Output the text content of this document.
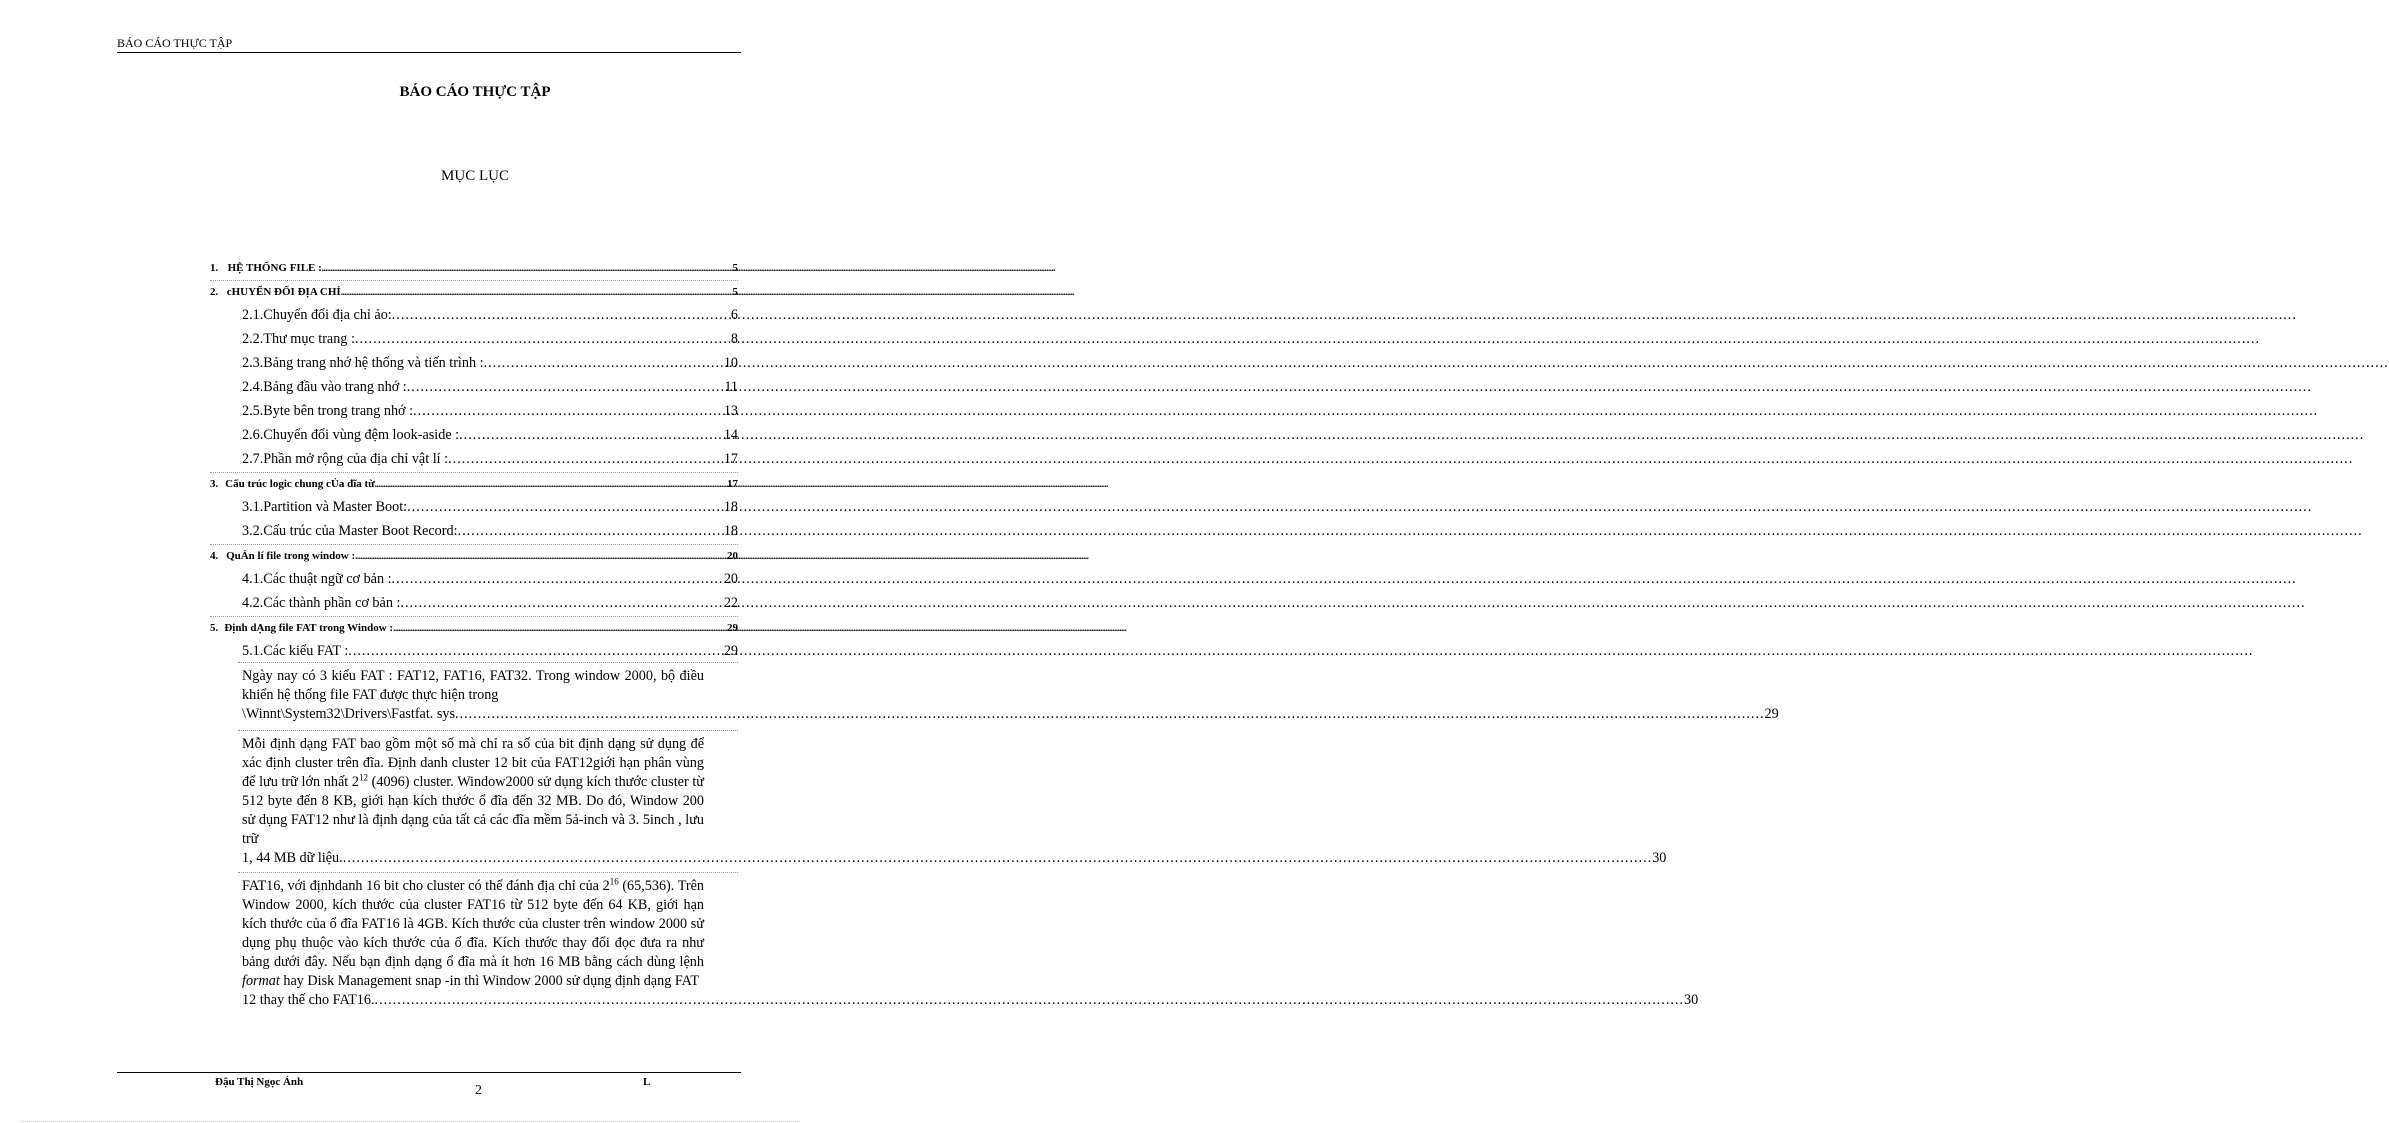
BÁO CÁO THỰC TẬP
BÁO CÁO THỰC TẬP
MỤC LỤC
1. HỆ THỐNG FILE : .....	5
2. cHUYỂN ĐỔI ĐỊA CHỈ .....	5
2.1. Chuyển đổi địa chỉ ảo: .....	6
2.2. Thư mục trang : .....	8
2.3. Bảng trang nhớ hệ thống và tiến trình : .....	10
2.4. Bảng đầu vào trang nhớ : .....	11
2.5. Byte bên trong trang nhớ : .....	13
2.6. Chuyển đổi vùng đệm look-aside : .....	14
2.7. Phần mở rộng của địa chỉ vật lí : .....	17
3. Cấu trúc logic chung cỦa đĩa từ .....	17
3.1. Partition và Master Boot: .....	18
3.2. Cấu trúc của Master Boot Record: .....	18
4. QuẢn lí file trong window : .....	20
4.1. Các thuật ngữ cơ bản : .....	20
4.2. Các thành phần cơ bản : .....	22
5. Định dẠng file FAT trong Window : .....	29
5.1. Các kiểu FAT : .....	29
Ngày nay có 3 kiểu FAT : FAT12, FAT16, FAT32. Trong window 2000, bộ điều khiển hệ thống file FAT được thực hiện trong
\Winnt\System32\Drivers\Fastfat. sys .....	29
Mỗi định dạng FAT bao gồm một số mà chỉ ra số của bit định dạng sử dụng để xác định cluster trên đĩa. Định danh cluster 12 bit của FAT12giới hạn phân vùng để lưu trữ lớn nhất $2^{12}$ (4096) cluster. Window2000 sử dụng kích thước cluster từ 512 byte đến 8 KB, giới hạn kích thước ổ đĩa đến 32 MB. Do đó, Window 200 sử dụng FAT12 như là định dạng của tất cả các đĩa mềm 5ả-inch và 3. 5inch , lưu trữ
1, 44 MB dữ liệu. .....	30
FAT16, với địnhdanh 16 bit cho cluster có thể đánh địa chỉ của $2^{16}$ (65,536). Trên Window 2000, kích thước của cluster FAT16 từ 512 byte đến 64 KB, giới hạn kích thước của ổ đĩa FAT16 là 4GB. Kích thước của cluster trên window 2000 sử dụng phụ thuộc vào kích thước của ổ đĩa. Kích thước thay đổi đọc đưa ra như bảng dưới đây. Nếu bạn định dạng ổ đĩa mà ít hơn 16 MB bằng cách dùng lệnh format hay Disk Management snap -in thì Window 2000 sử dụng định dạng FAT
12 thay thế cho FAT16. .....	30
Đậu Thị Ngọc Ánh
2
L
